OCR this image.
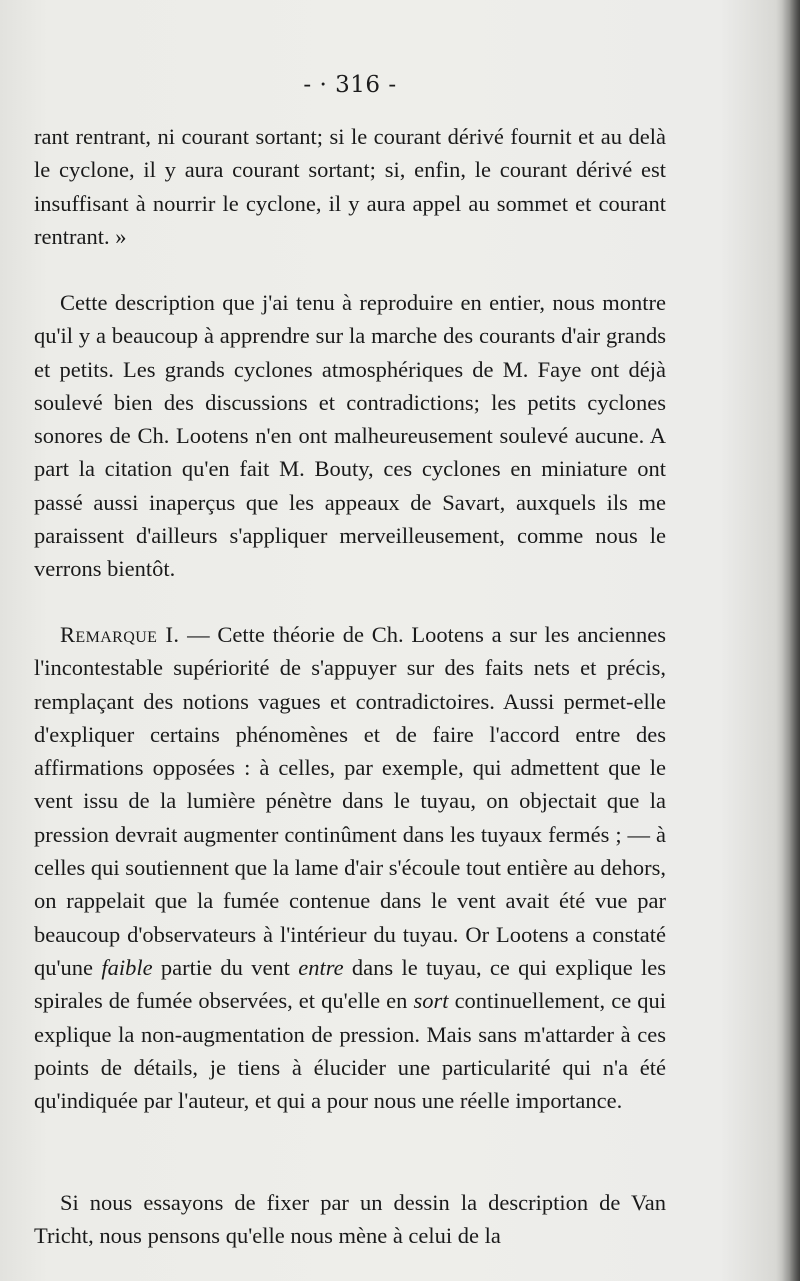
- · 316 -

rant rentrant, ni courant sortant; si le courant dérivé fournit et au delà le cyclone, il y aura courant sortant; si, enfin, le courant dérivé est insuffisant à nourrir le cyclone, il y aura appel au sommet et courant rentrant. »

Cette description que j'ai tenu à reproduire en entier, nous montre qu'il y a beaucoup à apprendre sur la marche des courants d'air grands et petits. Les grands cyclones atmosphériques de M. Faye ont déjà soulevé bien des discussions et contradictions; les petits cyclones sonores de Ch. Lootens n'en ont malheureusement soulevé aucune. A part la citation qu'en fait M. Bouty, ces cyclones en miniature ont passé aussi inaperçus que les appeaux de Savart, auxquels ils me paraissent d'ailleurs s'appliquer merveilleusement, comme nous le verrons bientôt.

Remarque I. — Cette théorie de Ch. Lootens a sur les anciennes l'incontestable supériorité de s'appuyer sur des faits nets et précis, remplaçant des notions vagues et contradictoires. Aussi permet-elle d'expliquer certains phénomènes et de faire l'accord entre des affirmations opposées : à celles, par exemple, qui admettent que le vent issu de la lumière pénètre dans le tuyau, on objectait que la pression devrait augmenter continûment dans les tuyaux fermés ; — à celles qui soutiennent que la lame d'air s'écoule tout entière au dehors, on rappelait que la fumée contenue dans le vent avait été vue par beaucoup d'observateurs à l'intérieur du tuyau. Or Lootens a constaté qu'une faible partie du vent entre dans le tuyau, ce qui explique les spirales de fumée observées, et qu'elle en sort continuellement, ce qui explique la non-augmentation de pression. Mais sans m'attarder à ces points de détails, je tiens à élucider une particularité qui n'a été qu'indiquée par l'auteur, et qui a pour nous une réelle importance.

Si nous essayons de fixer par un dessin la description de Van Tricht, nous pensons qu'elle nous mène à celui de la
